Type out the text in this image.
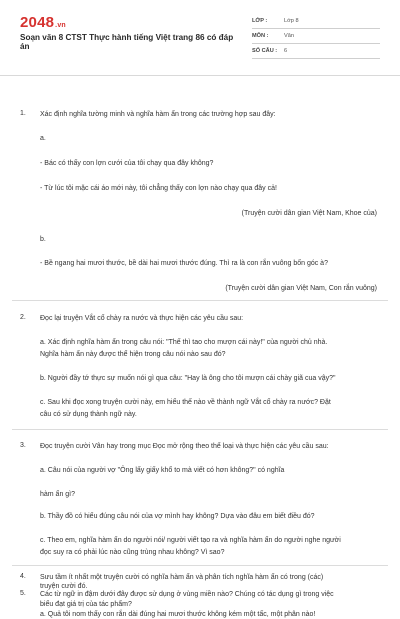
2048.vn
Soạn văn 8 CTST Thực hành tiếng Việt trang 86 có đáp án
LỚP :	Lớp 8
MÔN :	Văn
SỐ CÂU : 6
1. Xác định nghĩa tường minh và nghĩa hàm ẩn trong các trường hợp sau đây:
a.
- Bác có thấy con lợn cưới của tôi chạy qua đây không?
- Từ lúc tôi mặc cái áo mới này, tôi chẳng thấy con lợn nào chạy qua đây cả!
(Truyện cười dân gian Việt Nam, Khoe của)
b.
- Bề ngang hai mươi thước, bề dài hai mươi thước đúng. Thì ra là con rắn vuông bốn góc à?
(Truyện cười dân gian Việt Nam, Con rắn vuông)
2. Đọc lại truyện Vắt cổ chày ra nước và thực hiện các yêu cầu sau:
a. Xác định nghĩa hàm ẩn trong câu nói: "Thế thì tao cho mượn cái này!" của người chủ nhà.
Nghĩa hàm ẩn này được thể hiện trong câu nói nào sau đó?
b. Người đầy tớ thực sự muốn nói gì qua câu: "Hay là ông cho tôi mượn cái chày giã cua vậy?"
c. Sau khi đọc xong truyện cười này, em hiểu thế nào về thành ngữ Vắt cổ chày ra nước? Đặt
câu có sử dụng thành ngữ này.
3. Đọc truyện cười Vân hay trong mục Đọc mở rộng theo thể loại và thực hiện các yêu cầu sau:
a. Câu nói của người vợ "Ông lấy giấy khổ to mà viết có hơn không?" có nghĩa
hàm ẩn gì?
b. Thầy đồ có hiểu đúng câu nói của vợ mình hay không? Dựa vào đâu em biết điều đó?
c. Theo em, nghĩa hàm ẩn do người nói/ người viết tạo ra và nghĩa hàm ẩn do người nghe người
đọc suy ra có phải lúc nào cũng trùng nhau không? Vì sao?
4. Sưu tầm ít nhất một truyện cười có nghĩa hàm ẩn và phân tích nghĩa hàm ẩn có trong (các)
truyện cười đó.
5. Các từ ngữ in đậm dưới đây được sử dụng ở vùng miền nào? Chúng có tác dụng gì trong việc
biểu đạt giá trị của tác phẩm?
a. Quả tôi nom thấy con rắn dài đúng hai mươi thước không kém một tấc, một phân nào!
